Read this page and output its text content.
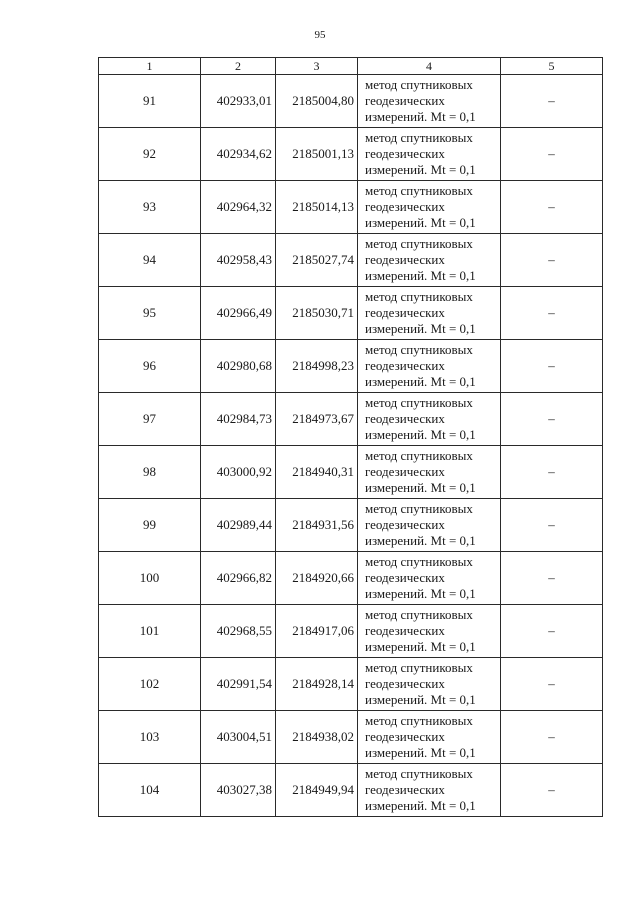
95
1	2	3	4	5
91	402933,01	2185004,80	метод спутниковых
геодезических
измерений. Mt = 0,1	–
92	402934,62	2185001,13	метод спутниковых
геодезических
измерений. Mt = 0,1	–
93	402964,32	2185014,13	метод спутниковых
геодезических
измерений. Mt = 0,1	–
94	402958,43	2185027,74	метод спутниковых
геодезических
измерений. Mt = 0,1	–
95	402966,49	2185030,71	метод спутниковых
геодезических
измерений. Mt = 0,1	–
96	402980,68	2184998,23	метод спутниковых
геодезических
измерений. Mt = 0,1	–
97	402984,73	2184973,67	метод спутниковых
геодезических
измерений. Mt = 0,1	–
98	403000,92	2184940,31	метод спутниковых
геодезических
измерений. Mt = 0,1	–
99	402989,44	2184931,56	метод спутниковых
геодезических
измерений. Mt = 0,1	–
100	402966,82	2184920,66	метод спутниковых
геодезических
измерений. Mt = 0,1	–
101	402968,55	2184917,06	метод спутниковых
геодезических
измерений. Mt = 0,1	–
102	402991,54	2184928,14	метод спутниковых
геодезических
измерений. Mt = 0,1	–
103	403004,51	2184938,02	метод спутниковых
геодезических
измерений. Mt = 0,1	–
104	403027,38	2184949,94	метод спутниковых
геодезических
измерений. Mt = 0,1	–
